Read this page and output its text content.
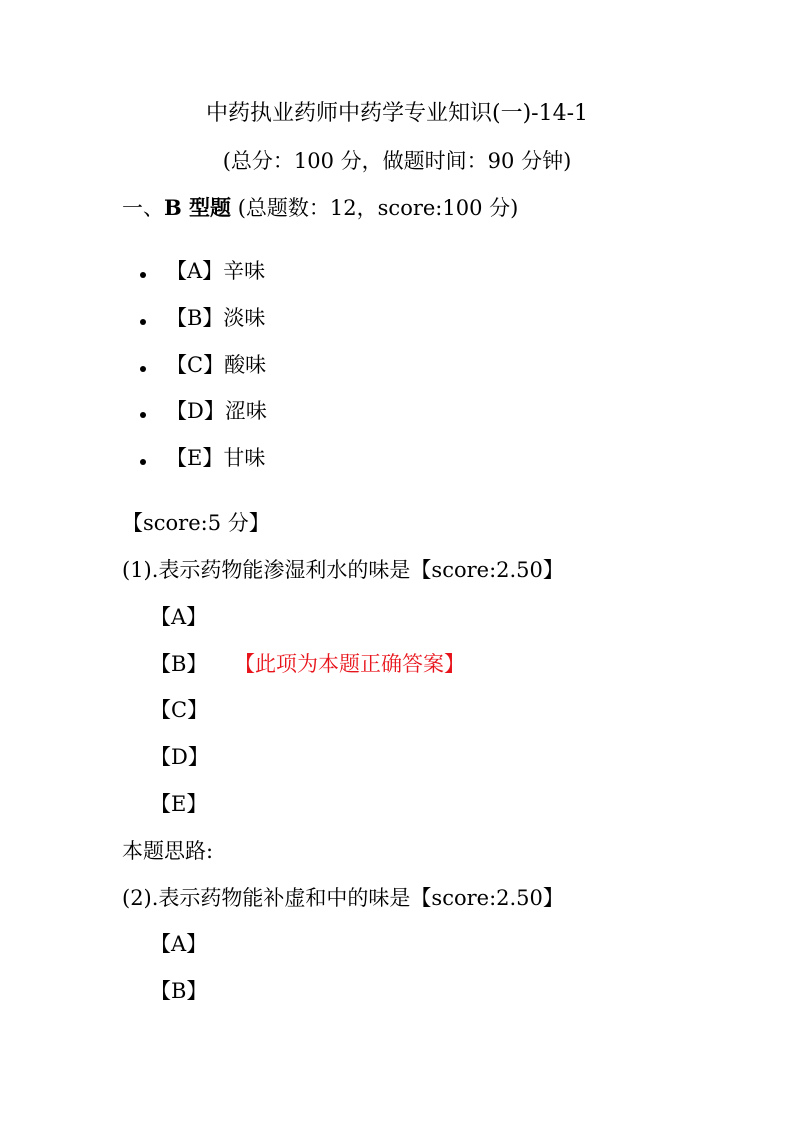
中药执业药师中药学专业知识(一)-14-1
(总分：100 分，做题时间：90 分钟)
一、B 型题 (总题数：12，score:100 分)
【A】辛味
【B】淡味
【C】酸味
【D】涩味
【E】甘味
【score:5 分】
(1).表示药物能渗湿利水的味是【score:2.50】
【A】
【B】 【此项为本题正确答案】
【C】
【D】
【E】
本题思路:
(2).表示药物能补虚和中的味是【score:2.50】
【A】
【B】
